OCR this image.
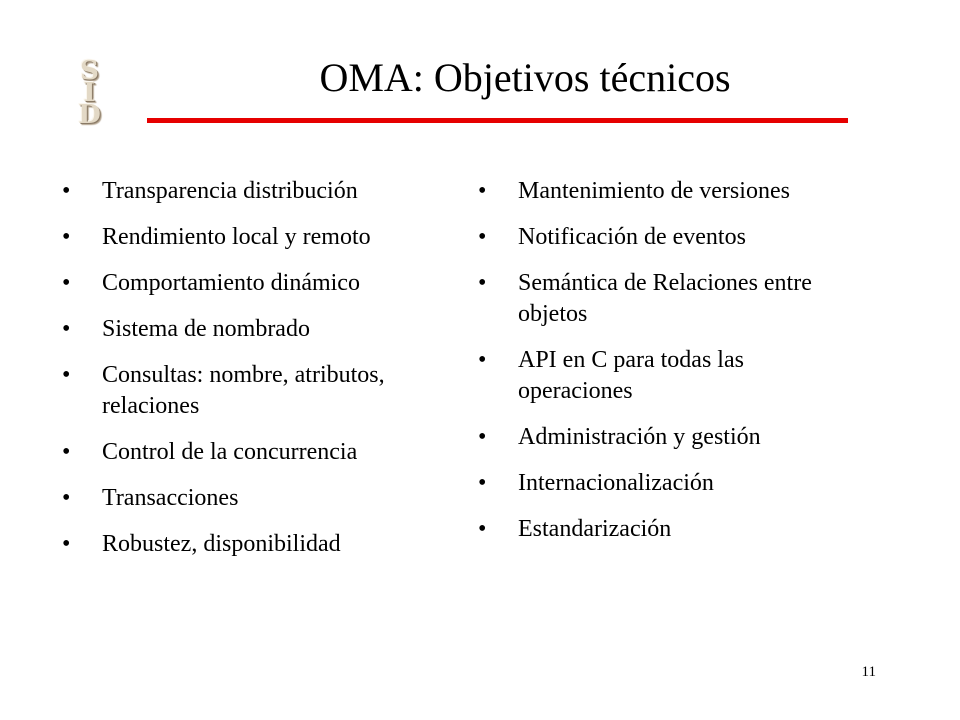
S
I
D
OMA: Objetivos técnicos
• Transparencia distribución
• Rendimiento local y remoto
• Comportamiento dinámico
• Sistema de nombrado
• Consultas: nombre, atributos, relaciones
• Control de la concurrencia
• Transacciones
• Robustez, disponibilidad
• Mantenimiento de versiones
• Notificación de eventos
• Semántica de Relaciones entre objetos
• API en C para todas las operaciones
• Administración y gestión
• Internacionalización
• Estandarización
11
